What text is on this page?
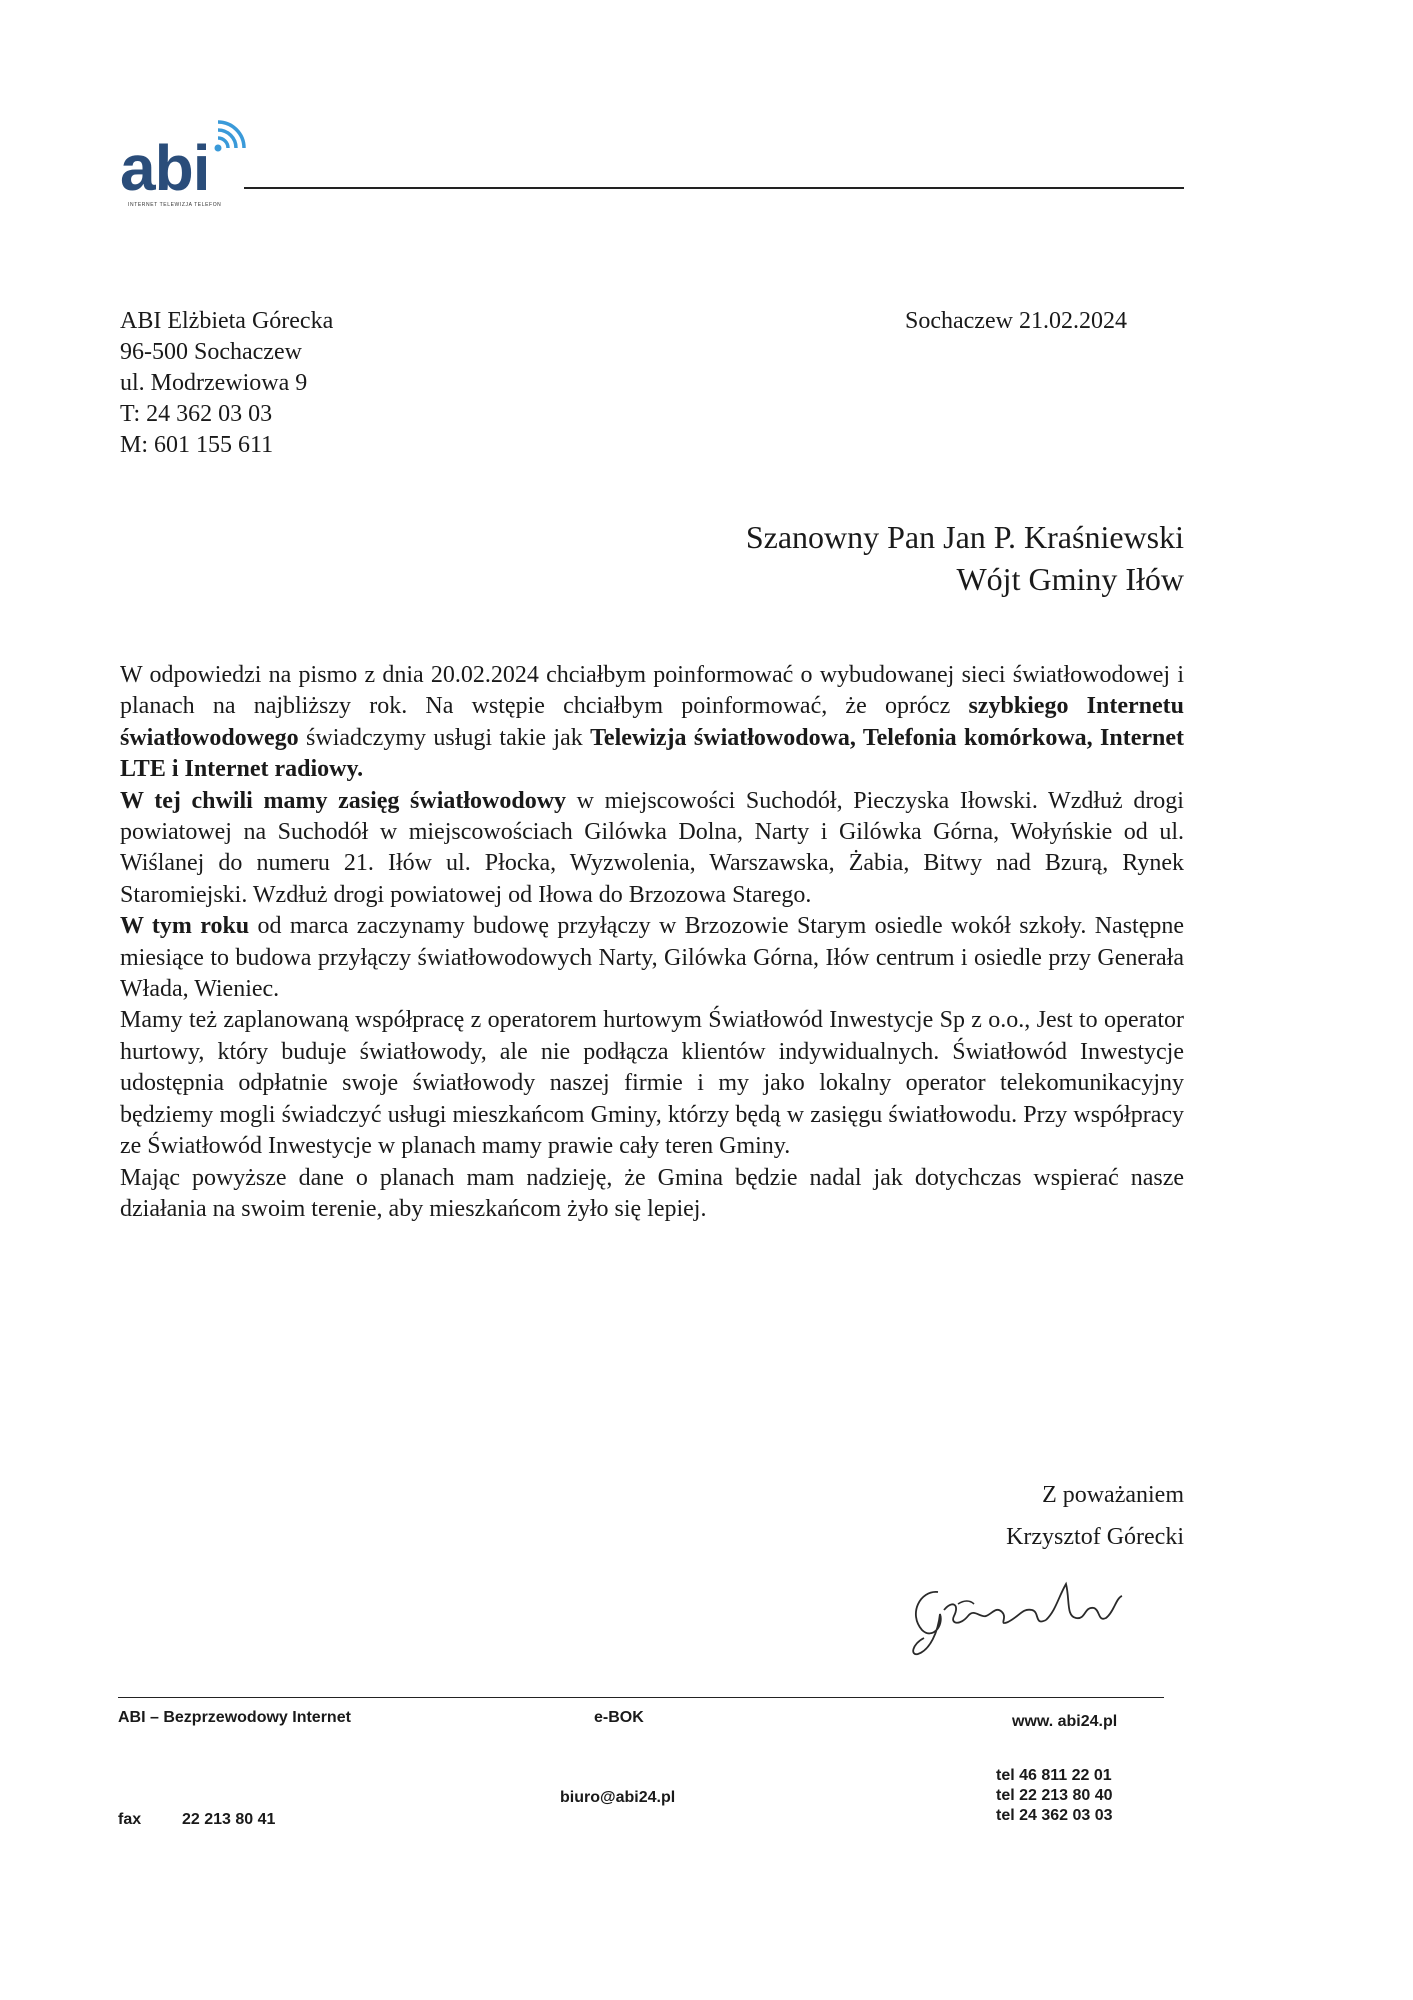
abi
INTERNET TELEWIZJA TELEFON
ABI Elżbieta Górecka
96-500 Sochaczew
ul. Modrzewiowa 9
T: 24 362 03 03
M: 601 155 611
Sochaczew 21.02.2024
Szanowny Pan Jan P. Kraśniewski
Wójt Gminy Iłów

W odpowiedzi na pismo z dnia 20.02.2024 chciałbym poinformować o wybudowanej sieci światłowodowej i planach na najbliższy rok. Na wstępie chciałbym poinformować, że oprócz szybkiego Internetu światłowodowego świadczymy usługi takie jak Telewizja światłowodowa, Telefonia komórkowa, Internet LTE i Internet radiowy.

W tej chwili mamy zasięg światłowodowy w miejscowości Suchodół, Pieczyska Iłowski. Wzdłuż drogi powiatowej na Suchodół w miejscowościach Gilówka Dolna, Narty i Gilówka Górna, Wołyńskie od ul. Wiślanej do numeru 21. Iłów ul. Płocka, Wyzwolenia, Warszawska, Żabia, Bitwy nad Bzurą, Rynek Staromiejski. Wzdłuż drogi powiatowej od Iłowa do Brzozowa Starego.

W tym roku od marca zaczynamy budowę przyłączy w Brzozowie Starym osiedle wokół szkoły. Następne miesiące to budowa przyłączy światłowodowych Narty, Gilówka Górna, Iłów centrum i osiedle przy Generała Włada, Wieniec.

Mamy też zaplanowaną współpracę z operatorem hurtowym Światłowód Inwestycje Sp z o.o., Jest to operator hurtowy, który buduje światłowody, ale nie podłącza klientów indywidualnych. Światłowód Inwestycje udostępnia odpłatnie swoje światłowody naszej firmie i my jako lokalny operator telekomunikacyjny będziemy mogli świadczyć usługi mieszkańcom Gminy, którzy będą w zasięgu światłowodu. Przy współpracy ze Światłowód Inwestycje w planach mamy prawie cały teren Gminy.

Mając powyższe dane o planach mam nadzieję, że Gmina będzie nadal jak dotychczas wspierać nasze działania na swoim terenie, aby mieszkańcom żyło się lepiej.

Z poważaniem
Krzysztof Górecki
ABI – Bezprzewodowy Internet	e-BOK	www. abi24.pl
biuro@abi24.pl
fax	22 213 80 41
tel 46 811 22 01
tel 22 213 80 40
tel 24 362 03 03
